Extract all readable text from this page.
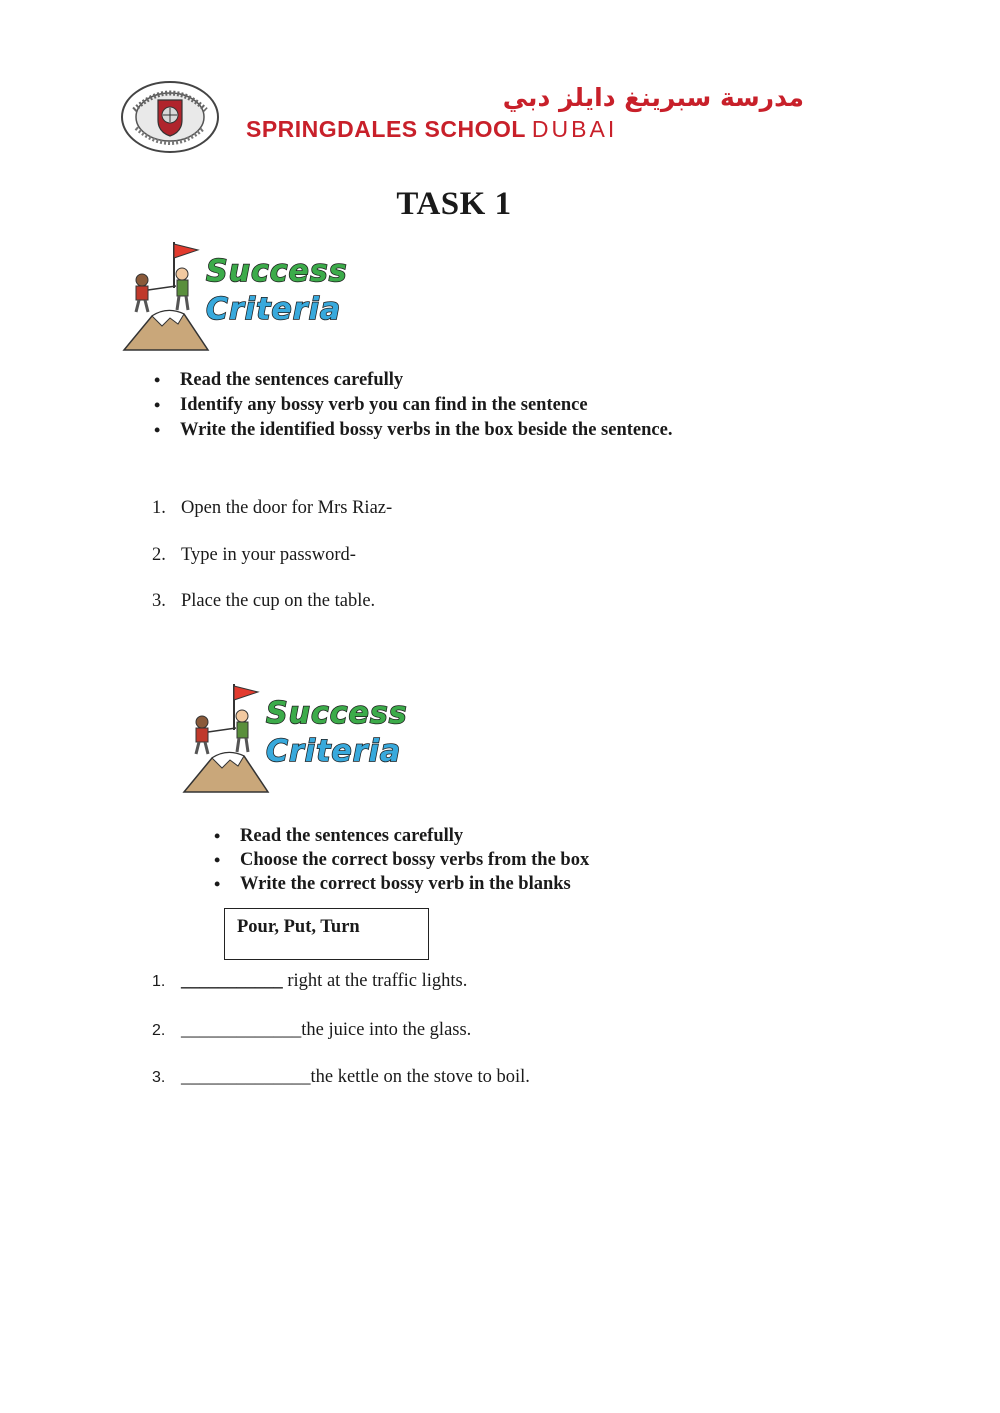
مدرسة سبرينغ دايلز دبي
SPRINGDALES SCHOOL DUBAI
TASK 1
Success
Criteria
• Read the sentences carefully
• Identify any bossy verb you can find in the sentence
• Write the identified bossy verbs in the box beside the sentence.
1. Open the door for Mrs Riaz-
2. Type in your password-
3. Place the cup on the table.
Success
Criteria
• Read the sentences carefully
• Choose the correct bossy verbs from the box
• Write the correct bossy verb in the blanks
Pour, Put, Turn
1. ___________ right at the traffic lights.
2. _____________the juice into the glass.
3. ______________the kettle on the stove to boil.
